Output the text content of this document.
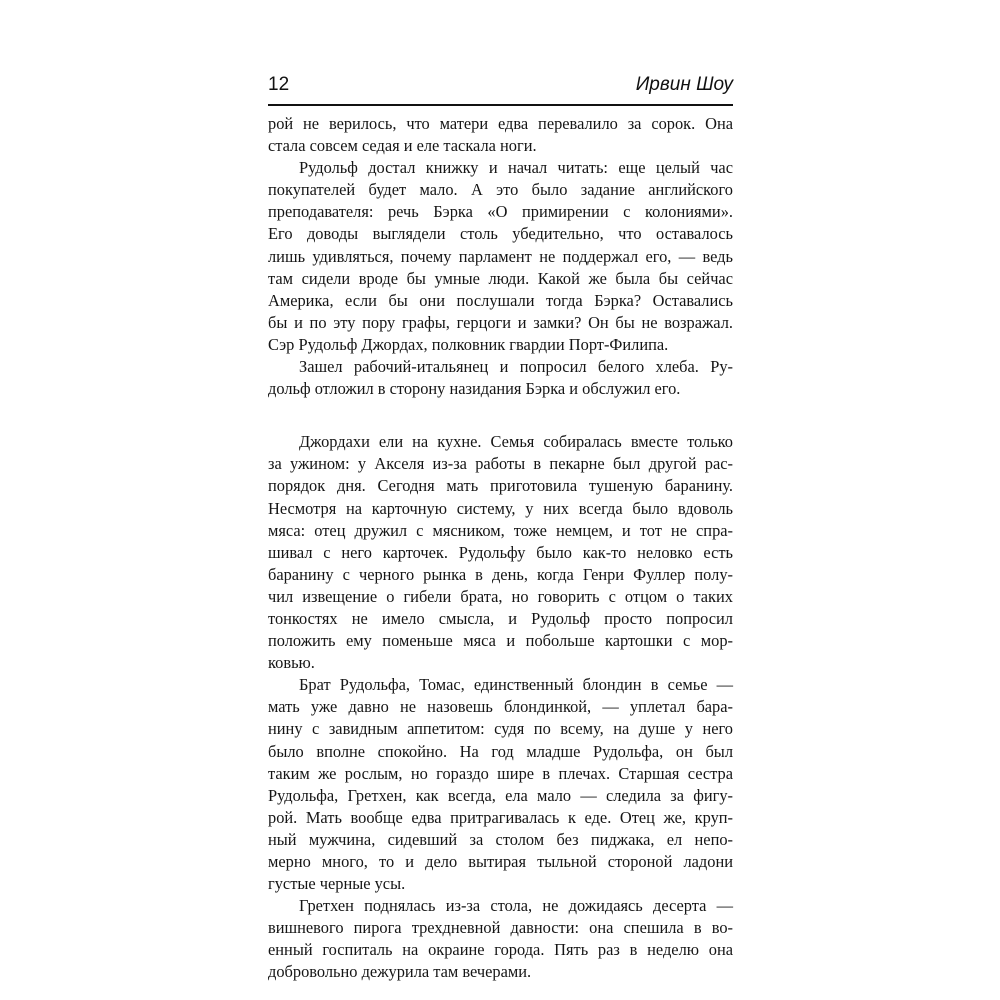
12	Ирвин Шоу
рой не верилось, что матери едва перевалило за сорок. Она
стала совсем седая и еле таскала ноги.
Рудольф достал книжку и начал читать: еще целый час
покупателей будет мало. А это было задание английского
преподавателя: речь Бэрка «О примирении с колониями».
Его доводы выглядели столь убедительно, что оставалось
лишь удивляться, почему парламент не поддержал его, — ведь
там сидели вроде бы умные люди. Какой же была бы сейчас
Америка, если бы они послушали тогда Бэрка? Оставались
бы и по эту пору графы, герцоги и замки? Он бы не возражал.
Сэр Рудольф Джордах, полковник гвардии Порт-Филипа.
Зашел рабочий-итальянец и попросил белого хлеба. Ру-
дольф отложил в сторону назидания Бэрка и обслужил его.
Джордахи ели на кухне. Семья собиралась вместе только
за ужином: у Акселя из-за работы в пекарне был другой рас-
порядок дня. Сегодня мать приготовила тушеную баранину.
Несмотря на карточную систему, у них всегда было вдоволь
мяса: отец дружил с мясником, тоже немцем, и тот не спра-
шивал с него карточек. Рудольфу было как-то неловко есть
баранину с черного рынка в день, когда Генри Фуллер полу-
чил извещение о гибели брата, но говорить с отцом о таких
тонкостях не имело смысла, и Рудольф просто попросил
положить ему поменьше мяса и побольше картошки с мор-
ковью.
Брат Рудольфа, Томас, единственный блондин в семье —
мать уже давно не назовешь блондинкой, — уплетал бара-
нину с завидным аппетитом: судя по всему, на душе у него
было вполне спокойно. На год младше Рудольфа, он был
таким же рослым, но гораздо шире в плечах. Старшая сестра
Рудольфа, Гретхен, как всегда, ела мало — следила за фигу-
рой. Мать вообще едва притрагивалась к еде. Отец же, круп-
ный мужчина, сидевший за столом без пиджака, ел непо-
мерно много, то и дело вытирая тыльной стороной ладони
густые черные усы.
Гретхен поднялась из-за стола, не дожидаясь десерта —
вишневого пирога трехдневной давности: она спешила в во-
енный госпиталь на окраине города. Пять раз в неделю она
добровольно дежурила там вечерами.
